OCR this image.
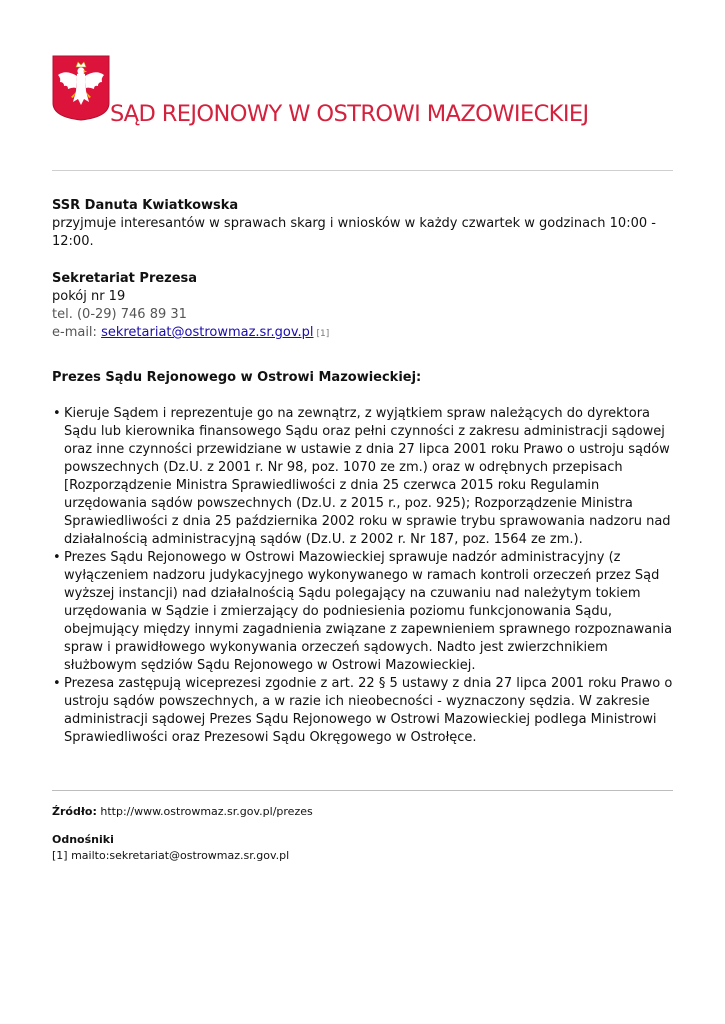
SĄD REJONOWY W OSTROWI MAZOWIECKIEJ

SSR Danuta Kwiatkowska

przyjmuje interesantów w sprawach skarg i wniosków w każdy czwartek w godzinach 10:00 - 12:00.

Sekretariat Prezesa

pokój nr 19

tel. (0-29) 746 89 31

e-mail: sekretariat@ostrowmaz.sr.gov.pl [1]

Prezes Sądu Rejonowego w Ostrowi Mazowieckiej:

• Kieruje Sądem i reprezentuje go na zewnątrz, z wyjątkiem spraw należących do dyrektora Sądu lub kierownika finansowego Sądu oraz pełni czynności z zakresu administracji sądowej oraz inne czynności przewidziane w ustawie z dnia 27 lipca 2001 roku Prawo o ustroju sądów powszechnych (Dz.U. z 2001 r. Nr 98, poz. 1070 ze zm.) oraz w odrębnych przepisach [Rozporządzenie Ministra Sprawiedliwości z dnia 25 czerwca 2015 roku Regulamin urzędowania sądów powszechnych (Dz.U. z 2015 r., poz. 925); Rozporządzenie Ministra Sprawiedliwości z dnia 25 października 2002 roku w sprawie trybu sprawowania nadzoru nad działalnością administracyjną sądów (Dz.U. z 2002 r. Nr 187, poz. 1564 ze zm.).
• Prezes Sądu Rejonowego w Ostrowi Mazowieckiej sprawuje nadzór administracyjny (z wyłączeniem nadzoru judykacyjnego wykonywanego w ramach kontroli orzeczeń przez Sąd wyższej instancji) nad działalnością Sądu polegający na czuwaniu nad należytym tokiem urzędowania w Sądzie i zmierzający do podniesienia poziomu funkcjonowania Sądu, obejmujący między innymi zagadnienia związane z zapewnieniem sprawnego rozpoznawania spraw i prawidłowego wykonywania orzeczeń sądowych. Nadto jest zwierzchnikiem służbowym sędziów Sądu Rejonowego w Ostrowi Mazowieckiej.
• Prezesa zastępują wiceprezesi zgodnie z art. 22 § 5 ustawy z dnia 27 lipca 2001 roku Prawo o ustroju sądów powszechnych, a w razie ich nieobecności - wyznaczony sędzia. W zakresie administracji sądowej Prezes Sądu Rejonowego w Ostrowi Mazowieckiej podlega Ministrowi Sprawiedliwości oraz Prezesowi Sądu Okręgowego w Ostrołęce.
Źródło: http://www.ostrowmaz.sr.gov.pl/prezes

Odnośniki

[1] mailto:sekretariat@ostrowmaz.sr.gov.pl
